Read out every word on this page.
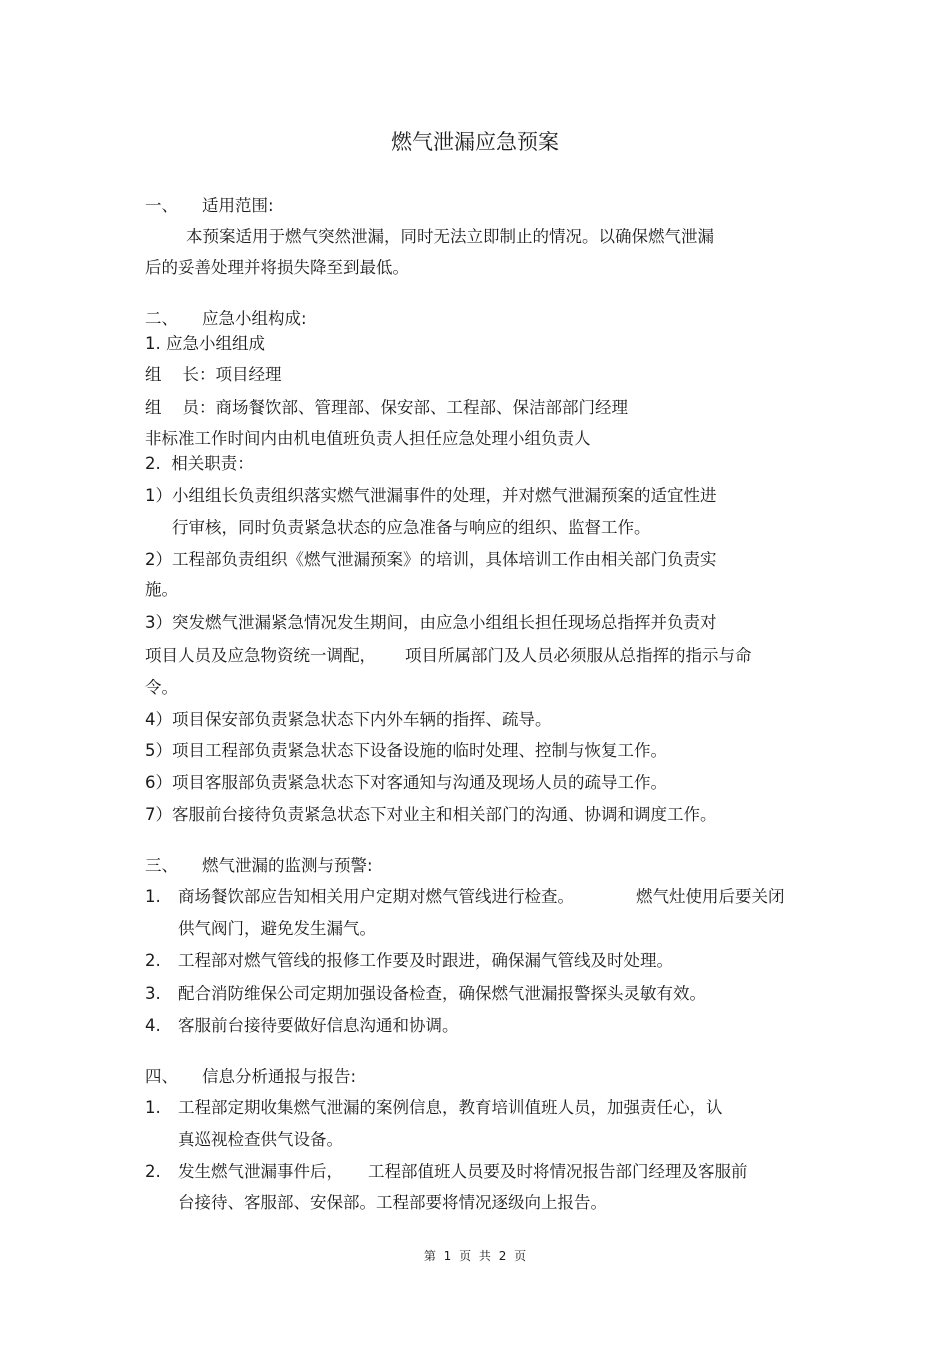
燃气泄漏应急预案
一、 适用范围:
本预案适用于燃气突然泄漏，同时无法立即制止的情况。以确保燃气泄漏
后的妥善处理并将损失降至到最低。
二、 应急小组构成:
1. 应急小组组成
组    长：项目经理
组    员：商场餐饮部、管理部、保安部、工程部、保洁部部门经理
非标准工作时间内由机电值班负责人担任应急处理小组负责人
2.  相关职责：
1）小组组长负责组织落实燃气泄漏事件的处理，并对燃气泄漏预案的适宜性进
行审核，同时负责紧急状态的应急准备与响应的组织、监督工作。
2）工程部负责组织《燃气泄漏预案》的培训，具体培训工作由相关部门负责实
施。
3）突发燃气泄漏紧急情况发生期间，由应急小组组长担任现场总指挥并负责对
项目人员及应急物资统一调配， 项目所属部门及人员必须服从总指挥的指示与命
令。
4）项目保安部负责紧急状态下内外车辆的指挥、疏导。
5）项目工程部负责紧急状态下设备设施的临时处理、控制与恢复工作。
6）项目客服部负责紧急状态下对客通知与沟通及现场人员的疏导工作。
7）客服前台接待负责紧急状态下对业主和相关部门的沟通、协调和调度工作。
三、 燃气泄漏的监测与预警:
1. 商场餐饮部应告知相关用户定期对燃气管线进行检查。	燃气灶使用后要关闭
供气阀门，避免发生漏气。
2. 工程部对燃气管线的报修工作要及时跟进，确保漏气管线及时处理。
3. 配合消防维保公司定期加强设备检查，确保燃气泄漏报警探头灵敏有效。
4. 客服前台接待要做好信息沟通和协调。
四、 信息分析通报与报告:
1. 工程部定期收集燃气泄漏的案例信息，教育培训值班人员，加强责任心，认
真巡视检查供气设备。
2. 发生燃气泄漏事件后， 工程部值班人员要及时将情况报告部门经理及客服前
台接待、客服部、安保部。工程部要将情况逐级向上报告。
第 1 页 共 2 页
